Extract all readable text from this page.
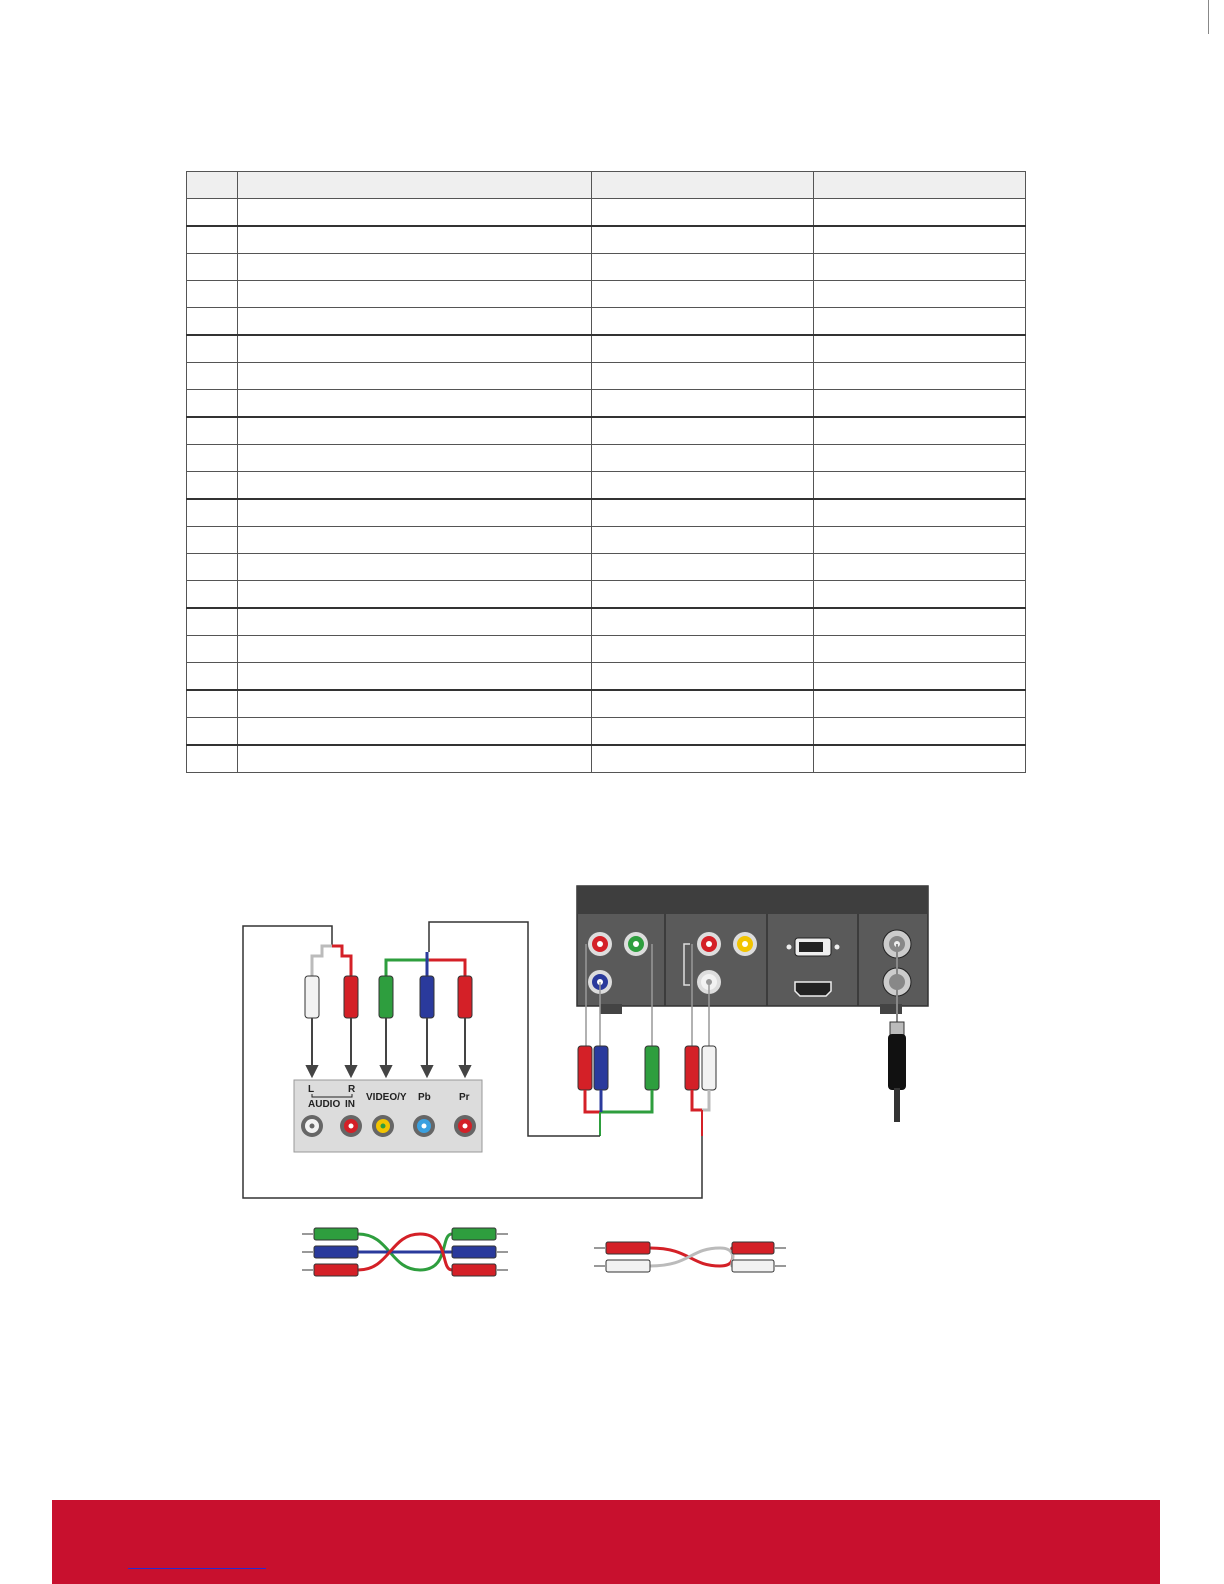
L	R
AUDIO IN
VIDEO/Y Pb	Pr
